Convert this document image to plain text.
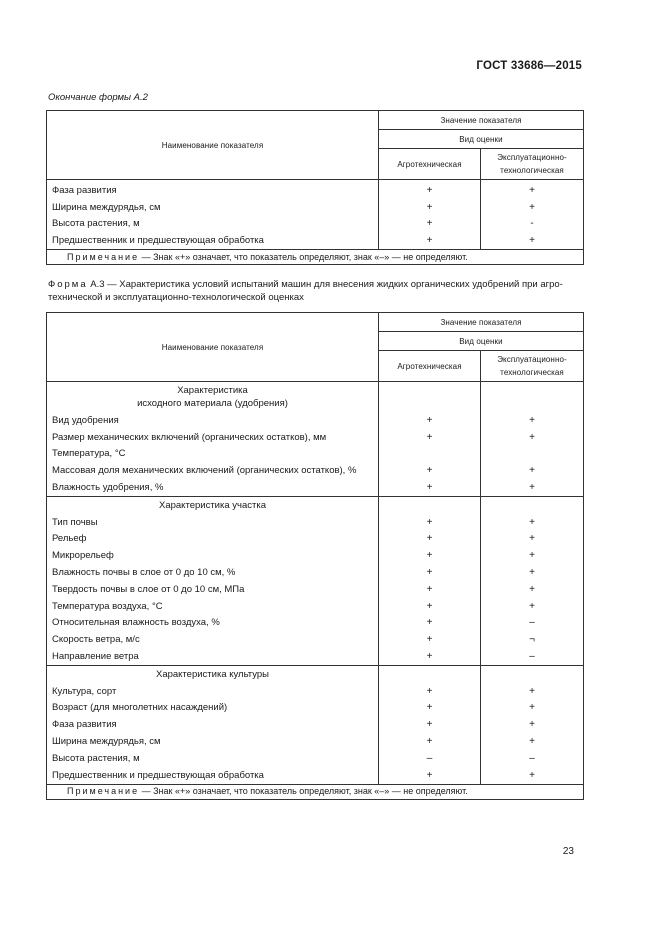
ГОСТ 33686—2015
Окончание формы А.2
Наименование показателя	Значение показателя	
	Вид оценки	
	Агротехническая	Эксплуатационно-
технологическая

Фаза развития	+	+
Ширина междурядья, см	+	+
Высота растения, м	+	-
Предшественник и предшествующая обработка	+	+
Примечание — Знак «+» означает, что показатель определяют, знак «–» — не определяют.		
Форма А.3 — Характеристика условий испытаний машин для внесения жидких органических удобрений при агро-
технической и эксплуатационно-технологической оценках
Наименование показателя	Значение показателя	
	Вид оценки	
	Агротехническая	Эксплуатационно-
технологическая

Характеристика
исходного материала (удобрения)		

Вид удобрения	+	+
Размер механических включений (органических остатков), мм	+	+
Температура, °С		
Массовая доля механических включений (органических остатков), %	+	+
Влажность удобрения, %	+	+
Характеристика участка		
Тип почвы	+	+
Рельеф	+	+
Микрорельеф	+	+
Влажность почвы в слое от 0 до 10 см, %	+	+
Твердость почвы в слое от 0 до 10 см, МПа	+	+
Температура воздуха, °С	+	+
Относительная влажность воздуха, %	+	–
Скорость ветра, м/с	+	¬
Направление ветра	+	–
Характеристика культуры		
Культура, сорт	+	+
Возраст (для многолетних насаждений)	+	+
Фаза развития	+	+
Ширина междурядья, см	+	+
Высота растения, м	–	–
Предшественник и предшествующая обработка	+	+
Примечание — Знак «+» означает, что показатель определяют, знак «–» — не определяют.		
23
